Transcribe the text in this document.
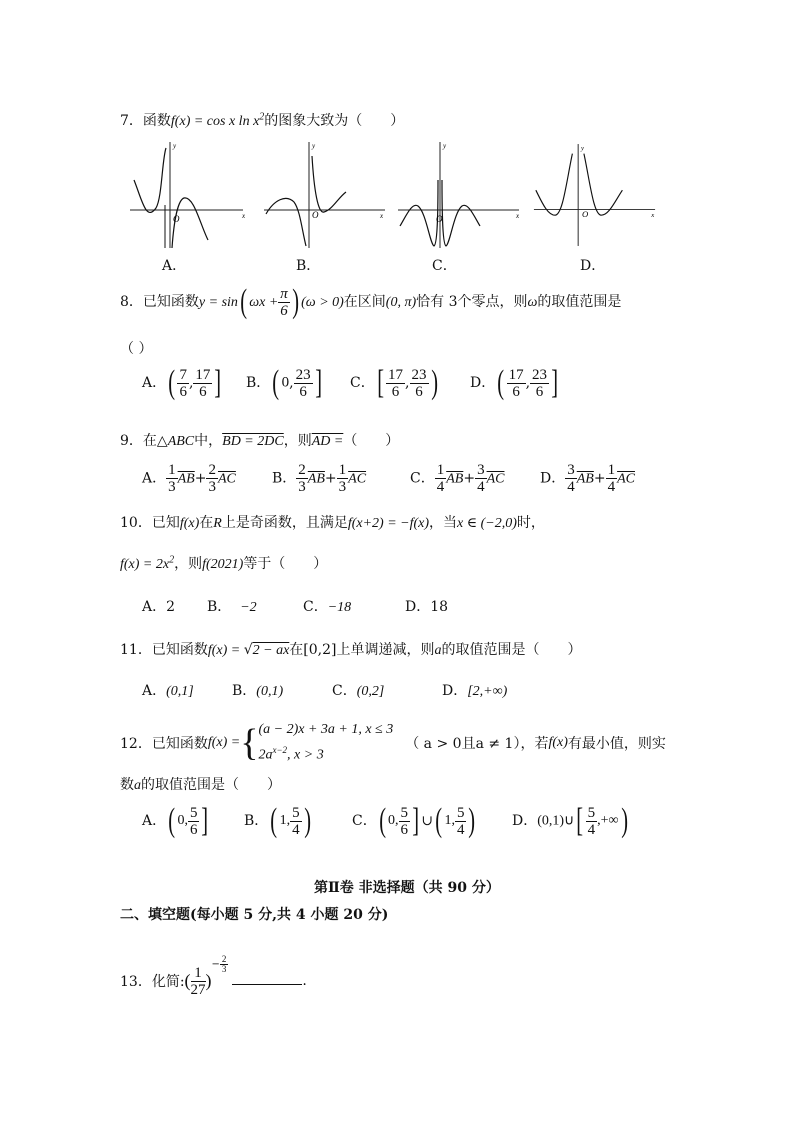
7．函数f(x) = cos x $\ln x^2$的图象大致为（　　）
O	x
y
A．
O	x
y
B．
O	x
y
C．
O	x
y
D．
8．已知函数y = sin( $\omega x + \frac{\pi}{6}$ ) (ω > 0)在区间(0, π)恰有 3个零点，则ω的取值范围是
（ ）
A．( $\frac{7}{6}$ , $\frac{17}{6}$ ] B．( 0, $\frac{23}{6}$ ] C．[ $\frac{17}{6}$ , $\frac{23}{6}$ ) D．( $\frac{17}{6}$ , $\frac{23}{6}$ ]
9．在△ABC中，BD = 2DC，则AD =（　　）
A． $\frac{1}{3} \overline{AB}+ \frac{2}{3} \overline{AC}$	B． $\frac{2}{3} \overline{AB}+ \frac{1}{3} \overline{AC}$	C． $\frac{1}{4} \overline{AB}+ \frac{3}{4} \overline{AC}$	D． $\frac{3}{4} \overline{AB}+ \frac{1}{4} \overline{AC}$
10．已知f(x)在R上是奇函数，且满足f(x+2) = −f(x)，当x ∈ (−2,0)时，
$f(x) = 2x^2$，则f(2021)等于（　　）
A．2 B． −2	C．−18	D．18
11．已知函数f(x) = √2 − ax在[0,2]上单调递减，则a的取值范围是（　　）
A．(0,1]	B．(0,1)	C．(0,2]	D．[2,+∞)
12．已知函数f(x) ={ (a − 2)x + 3a + 1, x ≤ 3
$2a^{x-2}$, x > 3
（ a > 0且a ≠ 1），若f(x)有最小值，则实
数a的取值范围是（　　）
A．( 0, $\frac{5}{6}$ ]	B．( 1, $\frac{5}{4}$ )	C．( 0, $\frac{5}{6}$ ] ∪( 1, $\frac{5}{4}$ )	D．(0,1)∪[ $\frac{5}{4}$ ,+∞)
第Ⅱ卷 非选择题（共 90 分）
二、填空题(每小题 5 分,共 4 小题 20 分)
13．化简:( $\frac{1}{27} )^{- \frac{2}{3}}$
.
